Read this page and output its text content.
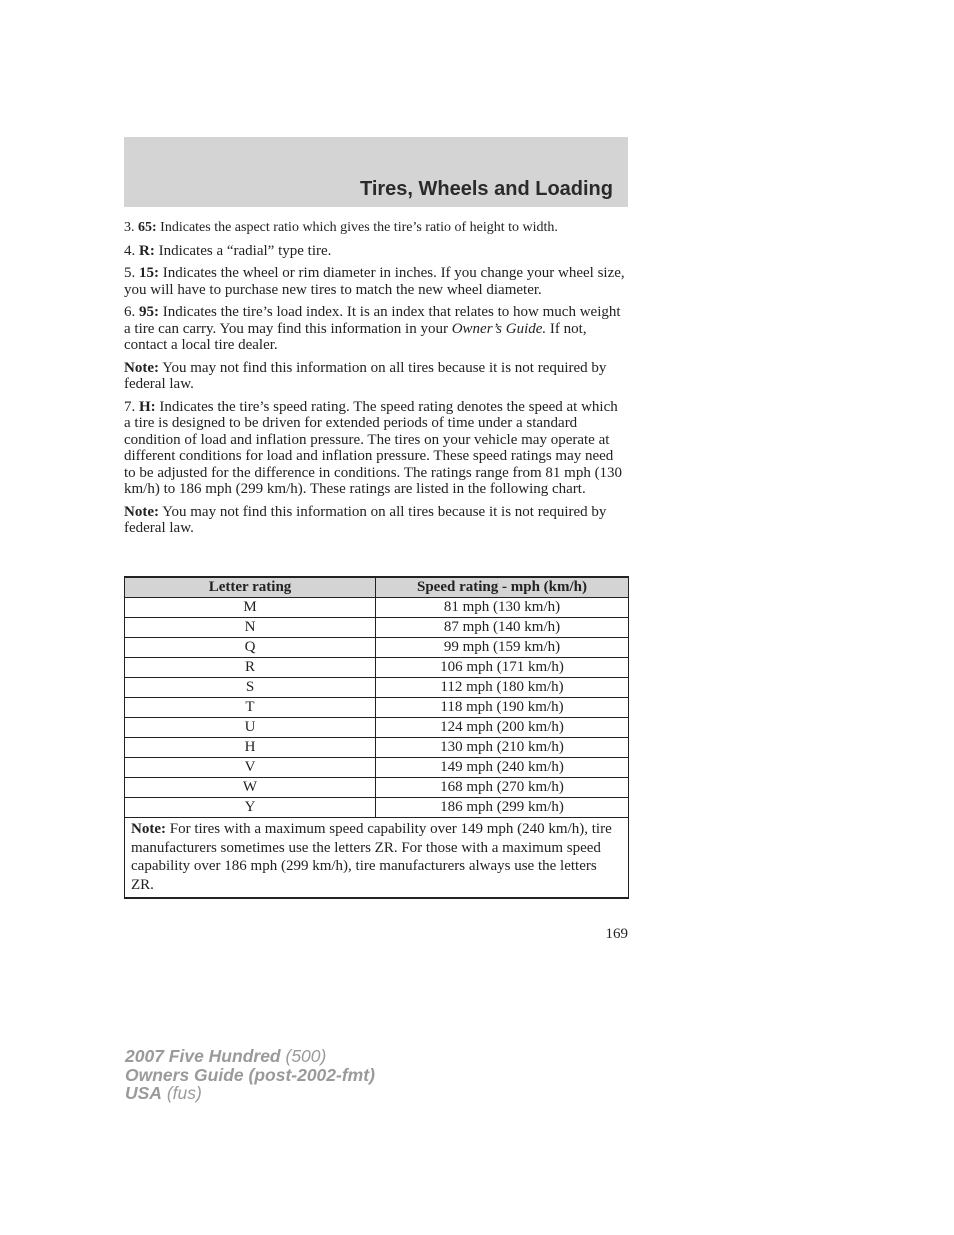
Tires, Wheels and Loading

3. 65: Indicates the aspect ratio which gives the tire’s ratio of height to width.

4. R: Indicates a “radial” type tire.

5. 15: Indicates the wheel or rim diameter in inches. If you change your wheel size, you will have to purchase new tires to match the new wheel diameter.

6. 95: Indicates the tire’s load index. It is an index that relates to how much weight a tire can carry. You may find this information in your Owner’s Guide. If not, contact a local tire dealer.

Note: You may not find this information on all tires because it is not required by federal law.

7. H: Indicates the tire’s speed rating. The speed rating denotes the speed at which a tire is designed to be driven for extended periods of time under a standard condition of load and inflation pressure. The tires on your vehicle may operate at different conditions for load and inflation pressure. These speed ratings may need to be adjusted for the difference in conditions. The ratings range from 81 mph (130 km/h) to 186 mph (299 km/h). These ratings are listed in the following chart.

Note: You may not find this information on all tires because it is not required by federal law.

Letter rating	Speed rating - mph (km/h)
M	81 mph (130 km/h)
N	87 mph (140 km/h)
Q	99 mph (159 km/h)
R	106 mph (171 km/h)
S	112 mph (180 km/h)
T	118 mph (190 km/h)
U	124 mph (200 km/h)
H	130 mph (210 km/h)
V	149 mph (240 km/h)
W	168 mph (270 km/h)
Y	186 mph (299 km/h)
Note: For tires with a maximum speed capability over 149 mph (240 km/h), tire manufacturers sometimes use the letters ZR. For those with a maximum speed capability over 186 mph (299 km/h), tire manufacturers always use the letters ZR.	
169
2007 Five Hundred (500)
Owners Guide (post-2002-fmt)
USA (fus)
